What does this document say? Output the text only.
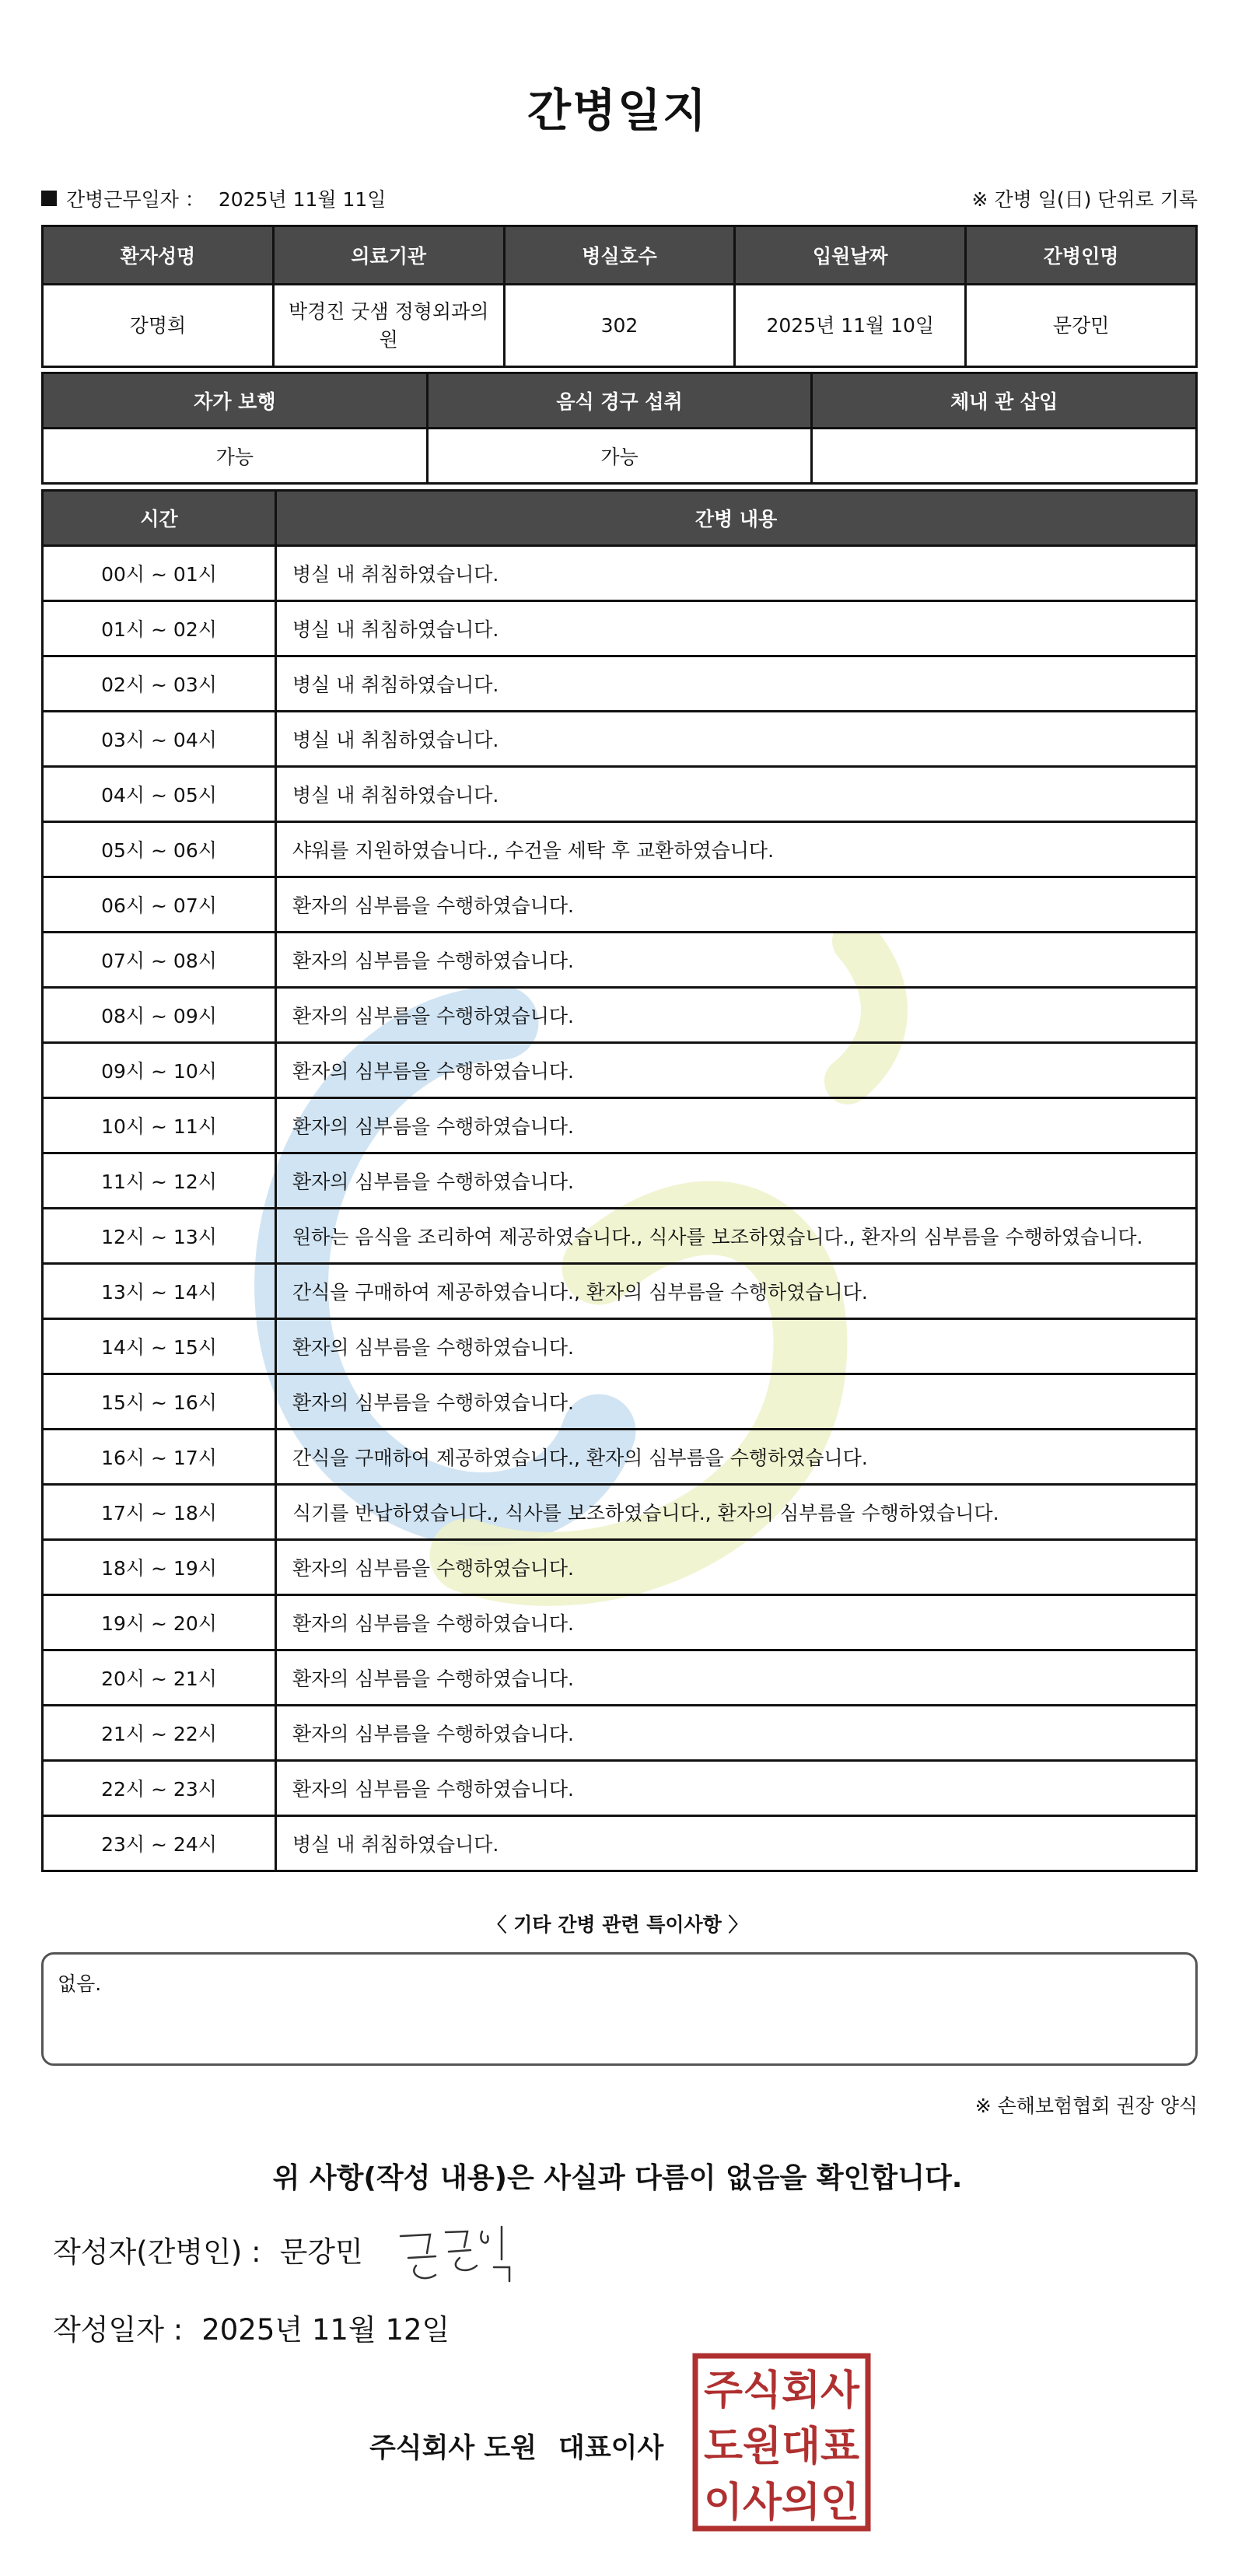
간병일지
간병근무일자 ： 2025년 11월 11일	※ 간병 일(日) 단위로 기록
환자성명	의료기관	병실호수	입원날짜	간병인명
강명희	박경진 굿샘 정형외과의원	302	2025년 11월 10일	문강민
자가 보행	음식 경구 섭취	체내 관 삽입
가능	가능	
시간	간병 내용
00시 ~ 01시	병실 내 취침하였습니다.
01시 ~ 02시	병실 내 취침하였습니다.
02시 ~ 03시	병실 내 취침하였습니다.
03시 ~ 04시	병실 내 취침하였습니다.
04시 ~ 05시	병실 내 취침하였습니다.
05시 ~ 06시	샤워를 지원하였습니다., 수건을 세탁 후 교환하였습니다.
06시 ~ 07시	환자의 심부름을 수행하였습니다.
07시 ~ 08시	환자의 심부름을 수행하였습니다.
08시 ~ 09시	환자의 심부름을 수행하였습니다.
09시 ~ 10시	환자의 심부름을 수행하였습니다.
10시 ~ 11시	환자의 심부름을 수행하였습니다.
11시 ~ 12시	환자의 심부름을 수행하였습니다.
12시 ~ 13시	원하는 음식을 조리하여 제공하였습니다., 식사를 보조하였습니다., 환자의 심부름을 수행하였습니다.
13시 ~ 14시	간식을 구매하여 제공하였습니다., 환자의 심부름을 수행하였습니다.
14시 ~ 15시	환자의 심부름을 수행하였습니다.
15시 ~ 16시	환자의 심부름을 수행하였습니다.
16시 ~ 17시	간식을 구매하여 제공하였습니다., 환자의 심부름을 수행하였습니다.
17시 ~ 18시	식기를 반납하였습니다., 식사를 보조하였습니다., 환자의 심부름을 수행하였습니다.
18시 ~ 19시	환자의 심부름을 수행하였습니다.
19시 ~ 20시	환자의 심부름을 수행하였습니다.
20시 ~ 21시	환자의 심부름을 수행하였습니다.
21시 ~ 22시	환자의 심부름을 수행하였습니다.
22시 ~ 23시	환자의 심부름을 수행하였습니다.
23시 ~ 24시	병실 내 취침하였습니다.
〈 기타 간병 관련 특이사항 〉
없음.
※ 손해보험협회 권장 양식
위 사항(작성 내용)은 사실과 다름이 없음을 확인합니다.
작성자(간병인) : 문강민
작성일자 : 2025년 11월 12일
주식회사 도원 대표이사
주식회사
도원대표
이사의인
